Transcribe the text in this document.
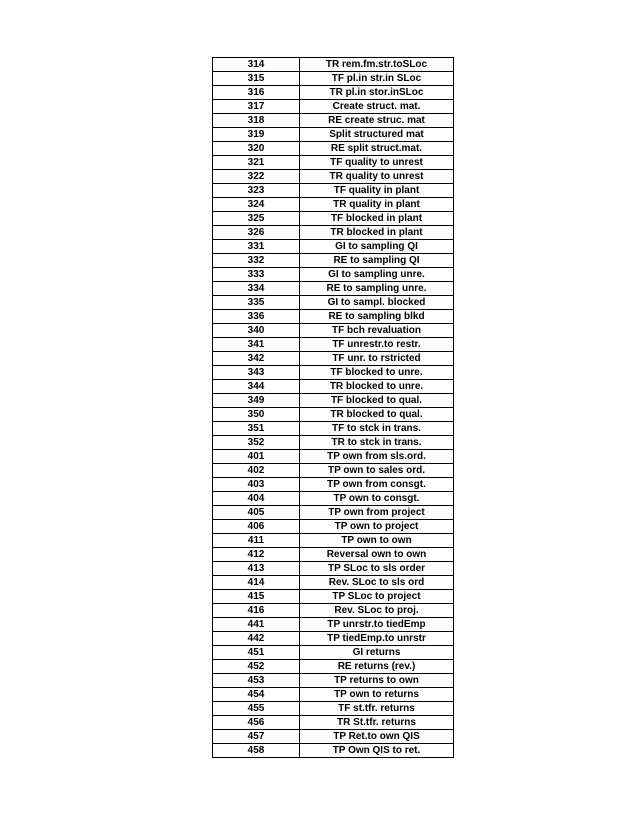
314	TR rem.fm.str.toSLoc
315	TF pl.in str.in SLoc
316	TR pl.in stor.inSLoc
317	Create struct. mat.
318	RE create struc. mat
319	Split structured mat
320	RE split struct.mat.
321	TF quality to unrest
322	TR quality to unrest
323	TF quality in plant
324	TR quality in plant
325	TF blocked in plant
326	TR blocked in plant
331	GI to sampling QI
332	RE to sampling QI
333	GI to sampling unre.
334	RE to sampling unre.
335	GI to sampl. blocked
336	RE to sampling blkd
340	TF bch revaluation
341	TF unrestr.to restr.
342	TF unr. to rstricted
343	TF blocked to unre.
344	TR blocked to unre.
349	TF blocked to qual.
350	TR blocked to qual.
351	TF to stck in trans.
352	TR to stck in trans.
401	TP own from sls.ord.
402	TP own to sales ord.
403	TP own from consgt.
404	TP own to consgt.
405	TP own from project
406	TP own to project
411	TP own to own
412	Reversal own to own
413	TP SLoc to sls order
414	Rev. SLoc to sls ord
415	TP SLoc to project
416	Rev. SLoc to proj.
441	TP unrstr.to tiedEmp
442	TP tiedEmp.to unrstr
451	GI returns
452	RE returns (rev.)
453	TP returns to own
454	TP own to returns
455	TF st.tfr. returns
456	TR St.tfr. returns
457	TP Ret.to own QIS
458	TP Own QIS to ret.
